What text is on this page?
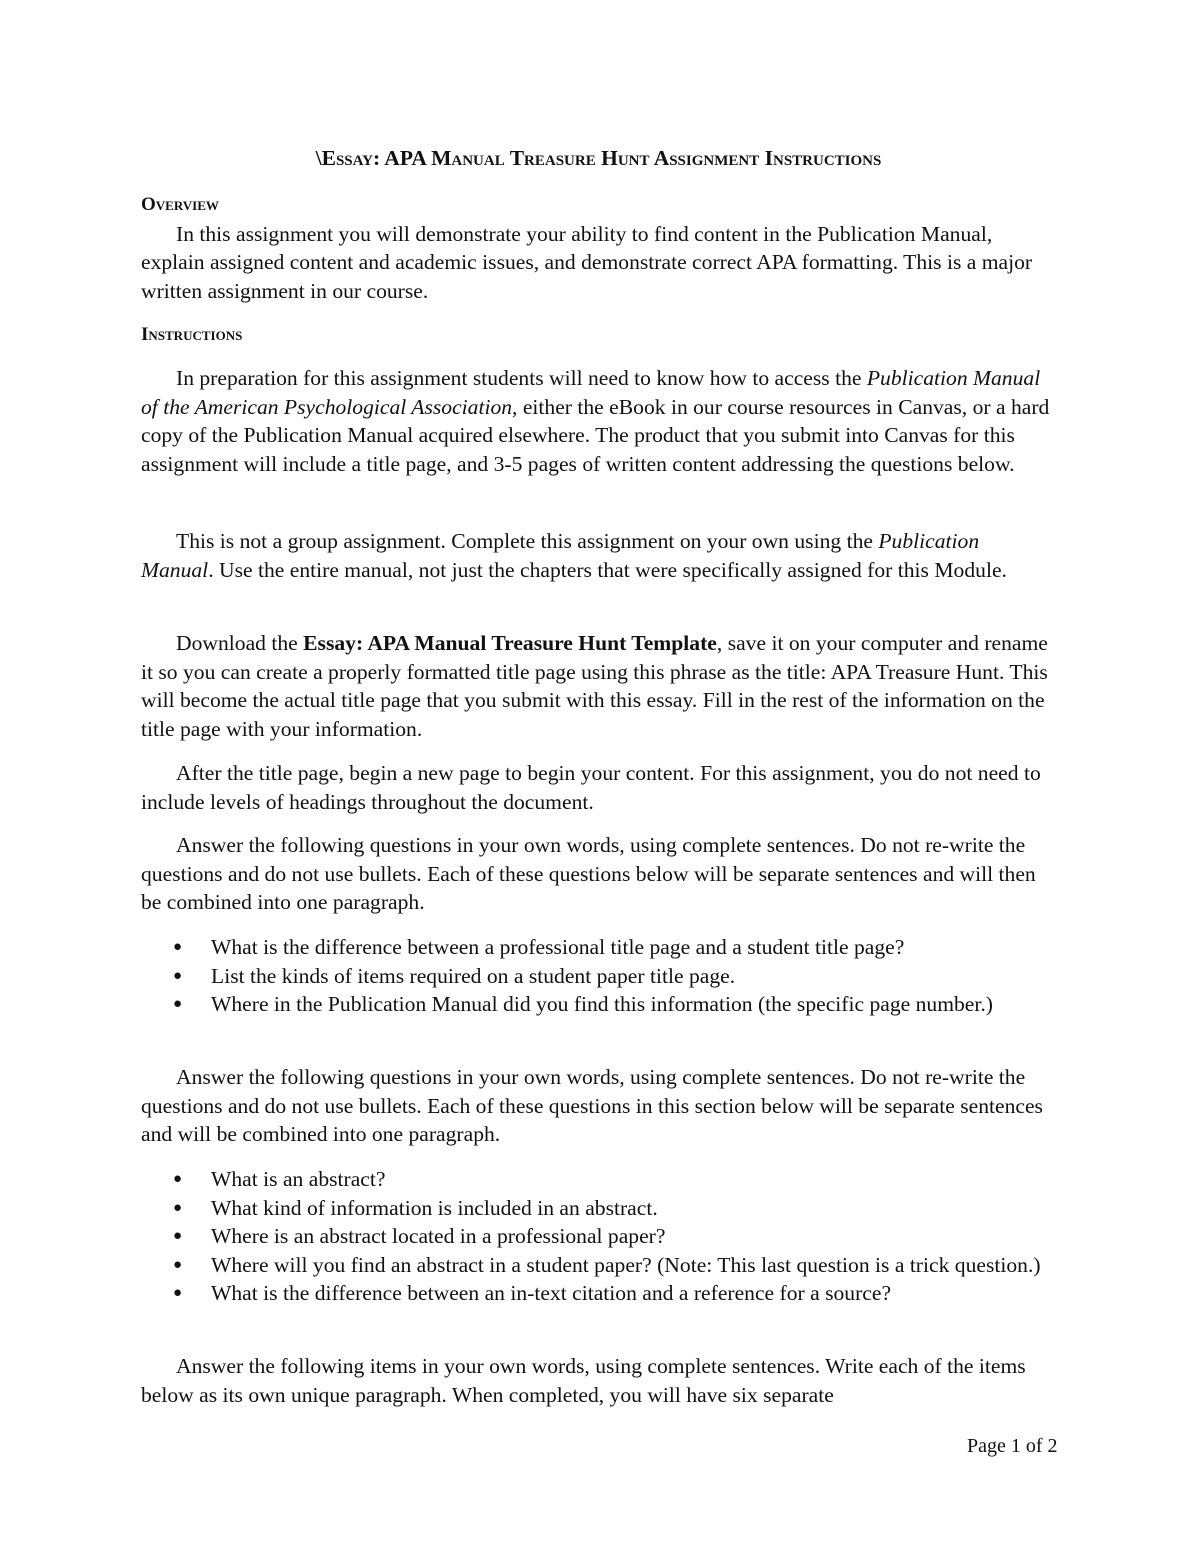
\Essay: APA Manual Treasure Hunt Assignment Instructions

Overview

In this assignment you will demonstrate your ability to find content in the Publication Manual, explain assigned content and academic issues, and demonstrate correct APA formatting. This is a major written assignment in our course.

Instructions

In preparation for this assignment students will need to know how to access the Publication Manual of the American Psychological Association, either the eBook in our course resources in Canvas, or a hard copy of the Publication Manual acquired elsewhere. The product that you submit into Canvas for this assignment will include a title page, and 3-5 pages of written content addressing the questions below.

This is not a group assignment. Complete this assignment on your own using the Publication Manual. Use the entire manual, not just the chapters that were specifically assigned for this Module.

Download the Essay: APA Manual Treasure Hunt Template, save it on your computer and rename it so you can create a properly formatted title page using this phrase as the title: APA Treasure Hunt. This will become the actual title page that you submit with this essay. Fill in the rest of the information on the title page with your information.

After the title page, begin a new page to begin your content. For this assignment, you do not need to include levels of headings throughout the document.

Answer the following questions in your own words, using complete sentences. Do not re-write the questions and do not use bullets. Each of these questions below will be separate sentences and will then be combined into one paragraph.

● What is the difference between a professional title page and a student title page?
● List the kinds of items required on a student paper title page.
● Where in the Publication Manual did you find this information (the specific page number.)

Answer the following questions in your own words, using complete sentences. Do not re-write the questions and do not use bullets. Each of these questions in this section below will be separate sentences and will be combined into one paragraph.

● What is an abstract?
● What kind of information is included in an abstract.
● Where is an abstract located in a professional paper?
● Where will you find an abstract in a student paper? (Note: This last question is a trick question.)
● What is the difference between an in-text citation and a reference for a source?

Answer the following items in your own words, using complete sentences. Write each of the items below as its own unique paragraph. When completed, you will have six separate

Page 1 of 2
